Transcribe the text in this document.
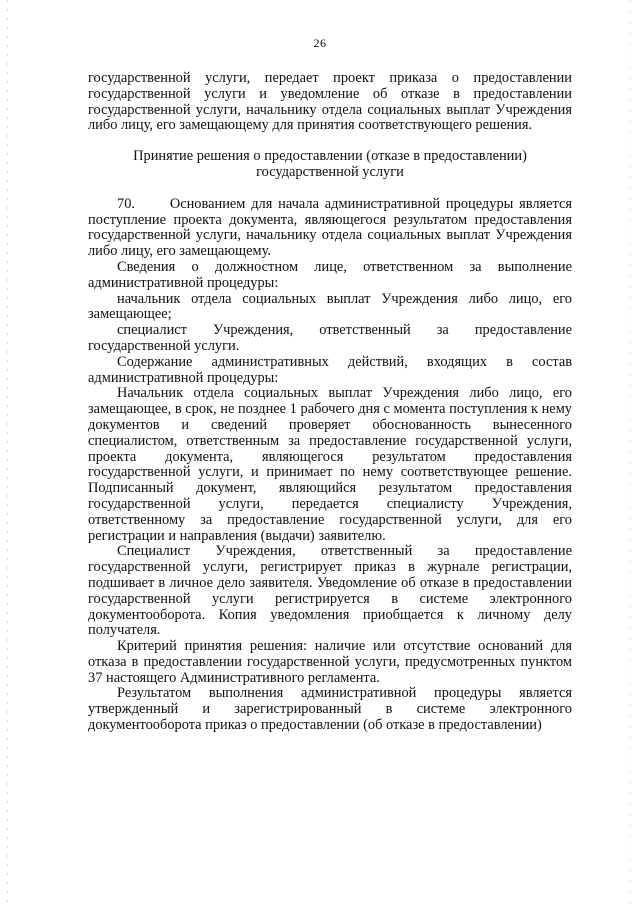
26

государственной услуги, передает проект приказа о предоставлении государственной услуги и уведомление об отказе в предоставлении государственной услуги, начальнику отдела социальных выплат Учреждения либо лицу, его замещающему для принятия соответствующего решения.

Принятие решения о предоставлении (отказе в предоставлении)

государственной услуги

70.      Основанием для начала административной процедуры является поступление проекта документа, являющегося результатом предоставления государственной услуги, начальнику отдела социальных выплат Учреждения либо лицу, его замещающему.

Сведения о должностном лице, ответственном за выполнение административной процедуры:

начальник отдела социальных выплат Учреждения либо лицо, его замещающее;

специалист Учреждения, ответственный за предоставление государственной услуги.

Содержание административных действий, входящих в состав административной процедуры:

Начальник отдела социальных выплат Учреждения либо лицо, его замещающее, в срок, не позднее 1 рабочего дня с момента поступления к нему документов и сведений проверяет обоснованность вынесенного специалистом, ответственным за предоставление государственной услуги, проекта документа, являющегося результатом предоставления государственной услуги, и принимает по нему соответствующее решение. Подписанный документ, являющийся результатом предоставления государственной услуги, передается специалисту Учреждения, ответственному за предоставление государственной услуги, для его регистрации и направления (выдачи) заявителю.

Специалист Учреждения, ответственный за предоставление государственной услуги, регистрирует приказ в журнале регистрации, подшивает в личное дело заявителя. Уведомление об отказе в предоставлении государственной услуги регистрируется в системе электронного документооборота. Копия уведомления приобщается к личному делу получателя.

Критерий принятия решения: наличие или отсутствие оснований для отказа в предоставлении государственной услуги, предусмотренных пунктом 37 настоящего Административного регламента.

Результатом выполнения административной процедуры является утвержденный и зарегистрированный в системе электронного документооборота приказ о предоставлении (об отказе в предоставлении)
